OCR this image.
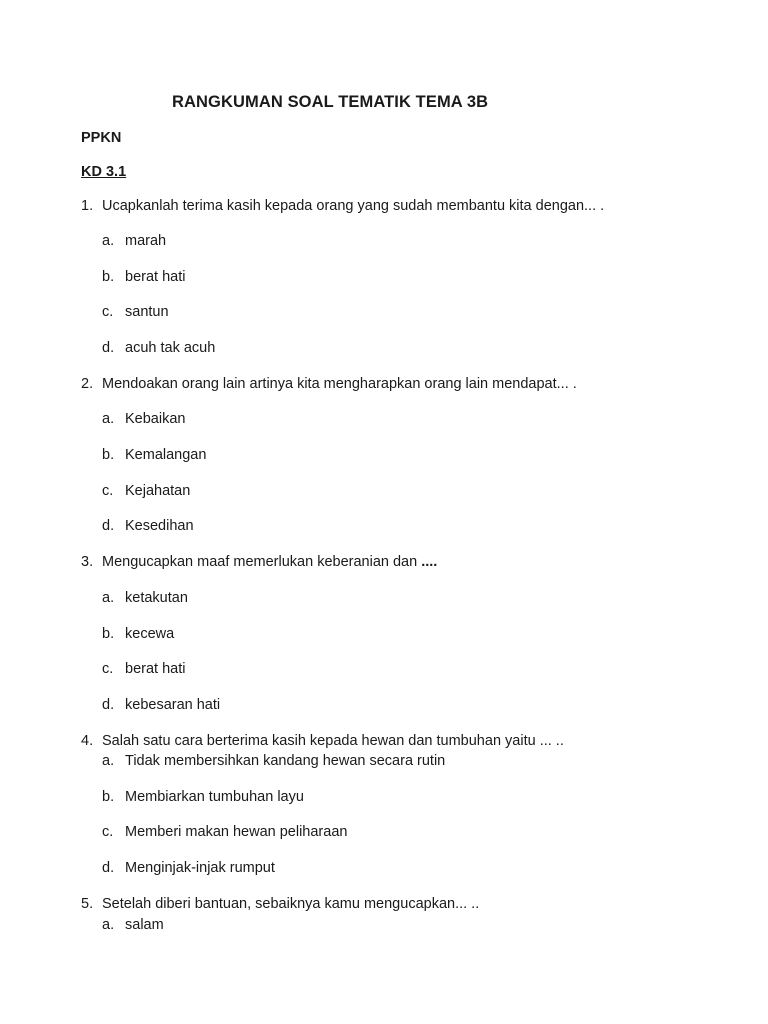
RANGKUMAN SOAL TEMATIK TEMA 3B
PPKN
KD 3.1
1. Ucapkanlah terima kasih kepada orang yang sudah membantu kita dengan... .
a. marah
b. berat hati
c. santun
d. acuh tak acuh
2. Mendoakan orang lain artinya kita mengharapkan orang lain mendapat... .
a. Kebaikan
b. Kemalangan
c. Kejahatan
d. Kesedihan
3. Mengucapkan maaf memerlukan keberanian dan ....
a. ketakutan
b. kecewa
c. berat hati
d. kebesaran hati
4. Salah satu cara berterima kasih kepada hewan dan tumbuhan yaitu ... ..
a. Tidak membersihkan kandang hewan secara rutin
b. Membiarkan tumbuhan layu
c. Memberi makan hewan peliharaan
d. Menginjak-injak rumput
5. Setelah diberi bantuan, sebaiknya kamu mengucapkan... ..
a. salam
